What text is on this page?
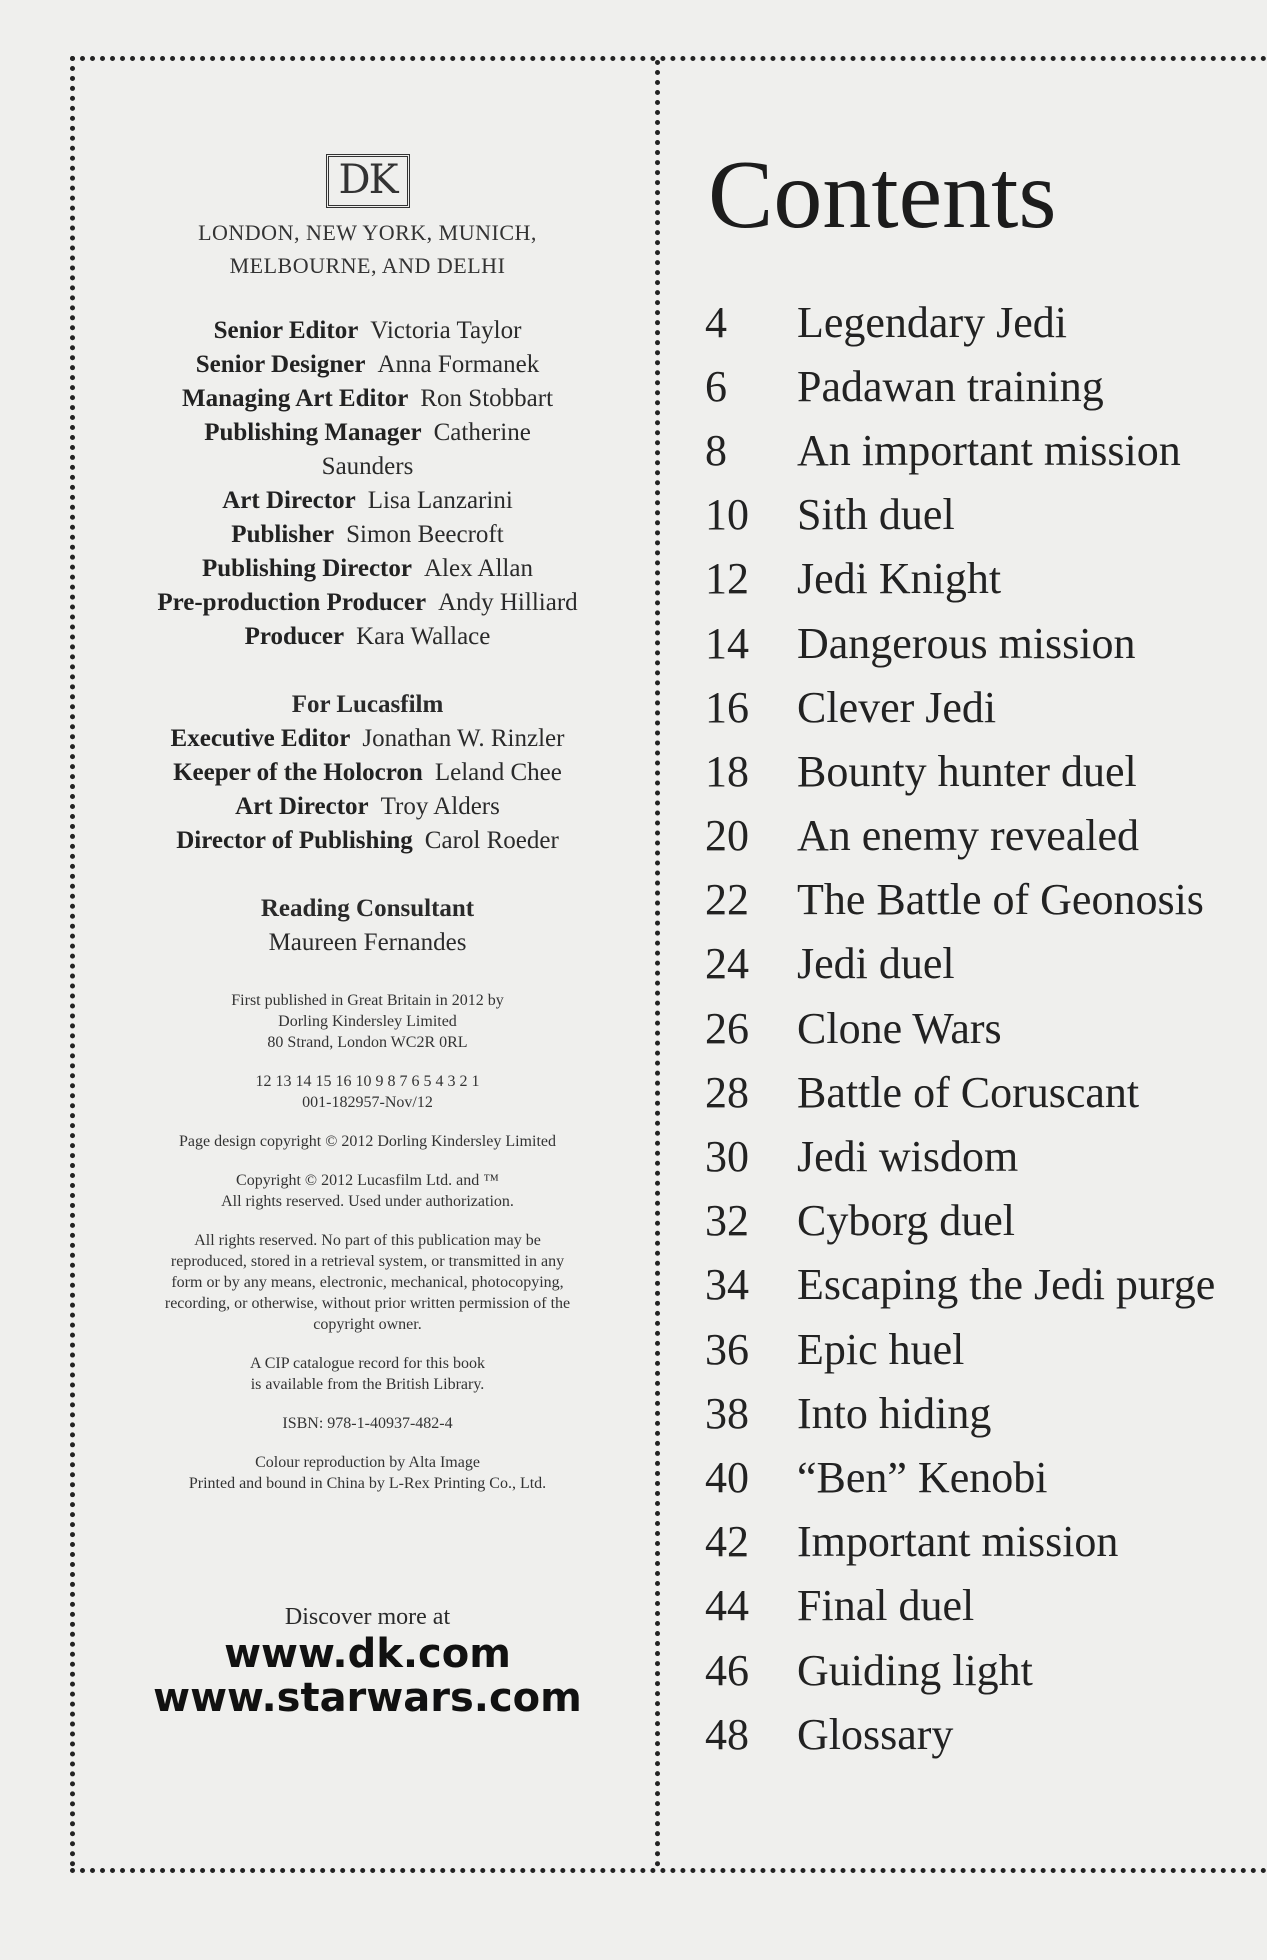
DK
LONDON, NEW YORK, MUNICH,
MELBOURNE, AND DELHI
Senior Editor Victoria Taylor
Senior Designer Anna Formanek
Managing Art Editor Ron Stobbart
Publishing Manager Catherine Saunders
Art Director Lisa Lanzarini
Publisher Simon Beecroft
Publishing Director Alex Allan
Pre-production Producer Andy Hilliard
Producer Kara Wallace
For Lucasfilm
Executive Editor Jonathan W. Rinzler
Keeper of the Holocron Leland Chee
Art Director Troy Alders
Director of Publishing Carol Roeder
Reading Consultant
Maureen Fernandes
First published in Great Britain in 2012 by
Dorling Kindersley Limited
80 Strand, London WC2R 0RL
12 13 14 15 16 10 9 8 7 6 5 4 3 2 1
001-182957-Nov/12
Page design copyright © 2012 Dorling Kindersley Limited
Copyright © 2012 Lucasfilm Ltd. and ™
All rights reserved. Used under authorization.
All rights reserved. No part of this publication may be
reproduced, stored in a retrieval system, or transmitted in any
form or by any means, electronic, mechanical, photocopying,
recording, or otherwise, without prior written permission of the
copyright owner.
A CIP catalogue record for this book
is available from the British Library.
ISBN: 978-1-40937-482-4
Colour reproduction by Alta Image
Printed and bound in China by L-Rex Printing Co., Ltd.
Discover more at
www.dk.com
www.starwars.com
Contents
4	Legendary Jedi
6	Padawan training
8	An important mission
10	Sith duel
12	Jedi Knight
14	Dangerous mission
16	Clever Jedi
18	Bounty hunter duel
20	An enemy revealed
22	The Battle of Geonosis
24	Jedi duel
26	Clone Wars
28	Battle of Coruscant
30	Jedi wisdom
32	Cyborg duel
34	Escaping the Jedi purge
36	Epic huel
38	Into hiding
40	“Ben” Kenobi
42	Important mission
44	Final duel
46	Guiding light
48	Glossary
